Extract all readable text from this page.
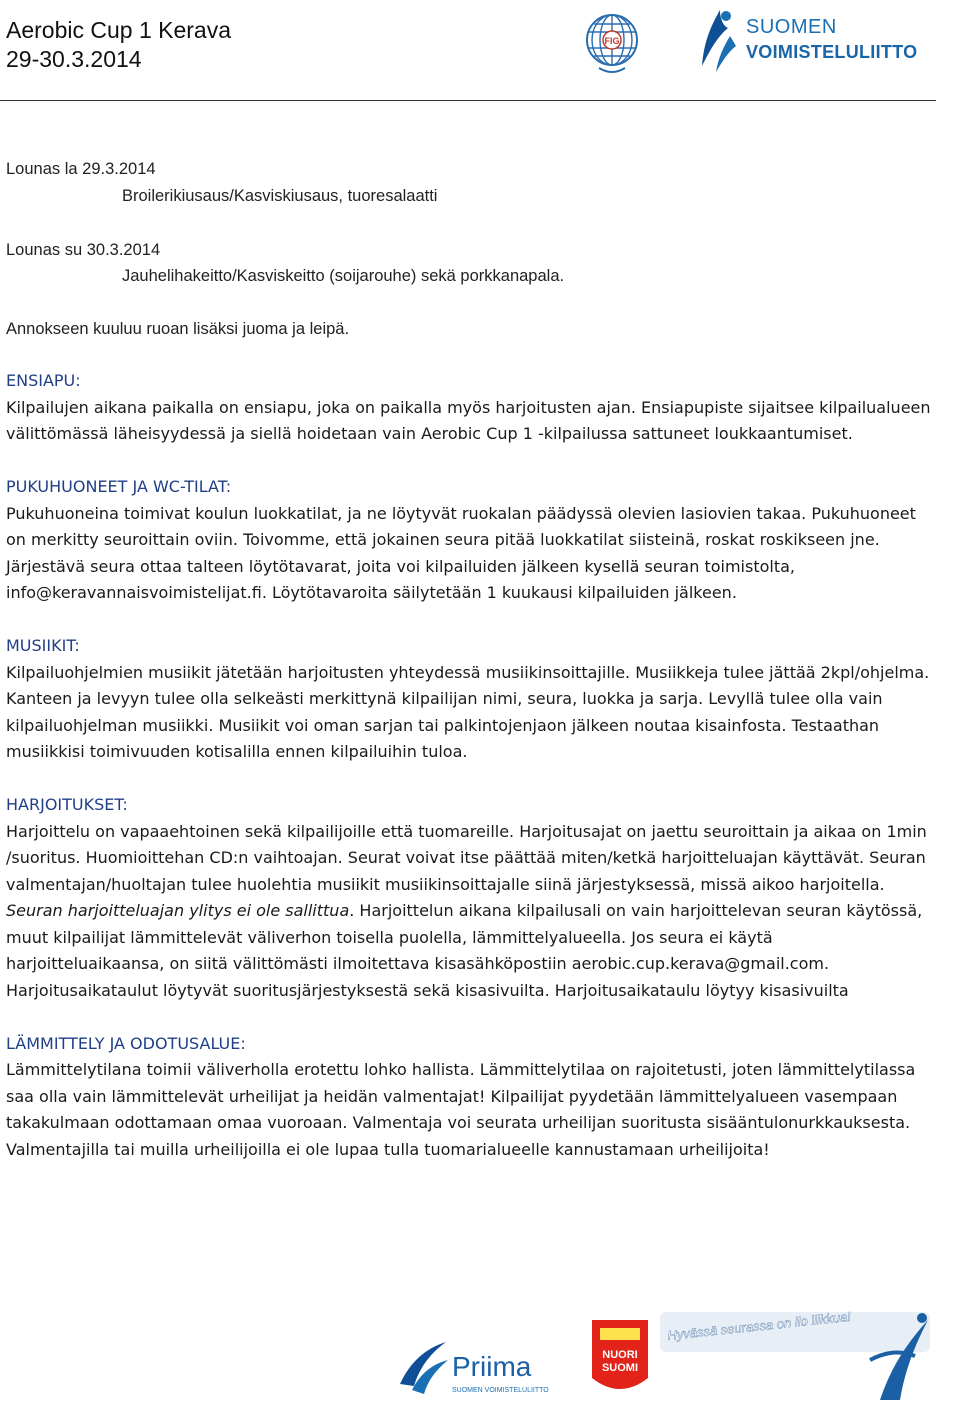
Aerobic Cup 1 Kerava
29-30.3.2014
FIG
SUOMEN
VOIMISTELULIITTO
Lounas la 29.3.2014
Broilerikiusaus/Kasviskiusaus, tuoresalaatti
Lounas su 30.3.2014
Jauhelihakeitto/Kasviskeitto (soijarouhe) sekä porkkanapala.
Annokseen kuuluu ruoan lisäksi juoma ja leipä.

ENSIAPU:

Kilpailujen aikana paikalla on ensiapu, joka on paikalla myös harjoitusten ajan. Ensiapupiste sijaitsee kilpailualueen välittömässä läheisyydessä ja siellä hoidetaan vain Aerobic Cup 1 -kilpailussa sattuneet loukkaantumiset.

PUKUHUONEET JA WC-TILAT:

Pukuhuoneina toimivat koulun luokkatilat, ja ne löytyvät ruokalan päädyssä olevien lasiovien takaa. Pukuhuoneet on merkitty seuroittain oviin. Toivomme, että jokainen seura pitää luokkatilat siisteinä, roskat roskikseen jne. Järjestävä seura ottaa talteen löytötavarat, joita voi kilpailuiden jälkeen kysellä seuran toimistolta, info@keravannaisvoimistelijat.fi. Löytötavaroita säilytetään 1 kuukausi kilpailuiden jälkeen.

MUSIIKIT:

Kilpailuohjelmien musiikit jätetään harjoitusten yhteydessä musiikinsoittajille. Musiikkeja tulee jättää 2kpl/ohjelma. Kanteen ja levyyn tulee olla selkeästi merkittynä kilpailijan nimi, seura, luokka ja sarja. Levyllä tulee olla vain kilpailuohjelman musiikki. Musiikit voi oman sarjan tai palkintojenjaon jälkeen noutaa kisainfosta. Testaathan musiikkisi toimivuuden kotisalilla ennen kilpailuihin tuloa.

HARJOITUKSET:

Harjoittelu on vapaaehtoinen sekä kilpailijoille että tuomareille. Harjoitusajat on jaettu seuroittain ja aikaa on 1min /suoritus. Huomioittehan CD:n vaihtoajan. Seurat voivat itse päättää miten/ketkä harjoitteluajan käyttävät. Seuran valmentajan/huoltajan tulee huolehtia musiikit musiikinsoittajalle siinä järjestyksessä, missä aikoo harjoitella. Seuran harjoitteluajan ylitys ei ole sallittua. Harjoittelun aikana kilpailusali on vain harjoittelevan seuran käytössä, muut kilpailijat lämmittelevät väliverhon toisella puolella, lämmittelyalueella. Jos seura ei käytä harjoitteluaikaansa, on siitä välittömästi ilmoitettava kisasähköpostiin aerobic.cup.kerava@gmail.com. Harjoitusaikataulut löytyvät suoritusjärjestyksestä sekä kisasivuilta. Harjoitusaikataulu löytyy kisasivuilta

LÄMMITTELY JA ODOTUSALUE:

Lämmittelytilana toimii väliverholla erotettu lohko hallista. Lämmittelytilaa on rajoitetusti, joten lämmittelytilassa saa olla vain lämmittelevät urheilijat ja heidän valmentajat! Kilpailijat pyydetään lämmittelyalueen vasempaan takakulmaan odottamaan omaa vuoroaan. Valmentaja voi seurata urheilijan suoritusta sisääntulonurkkauksesta. Valmentajilla tai muilla urheilijoilla ei ole lupaa tulla tuomarialueelle kannustamaan urheilijoita!

Priima
SUOMEN VOIMISTELULIITTO
NUORI
SUOMI
Hyvässä seurassa on ilo liikkua!
